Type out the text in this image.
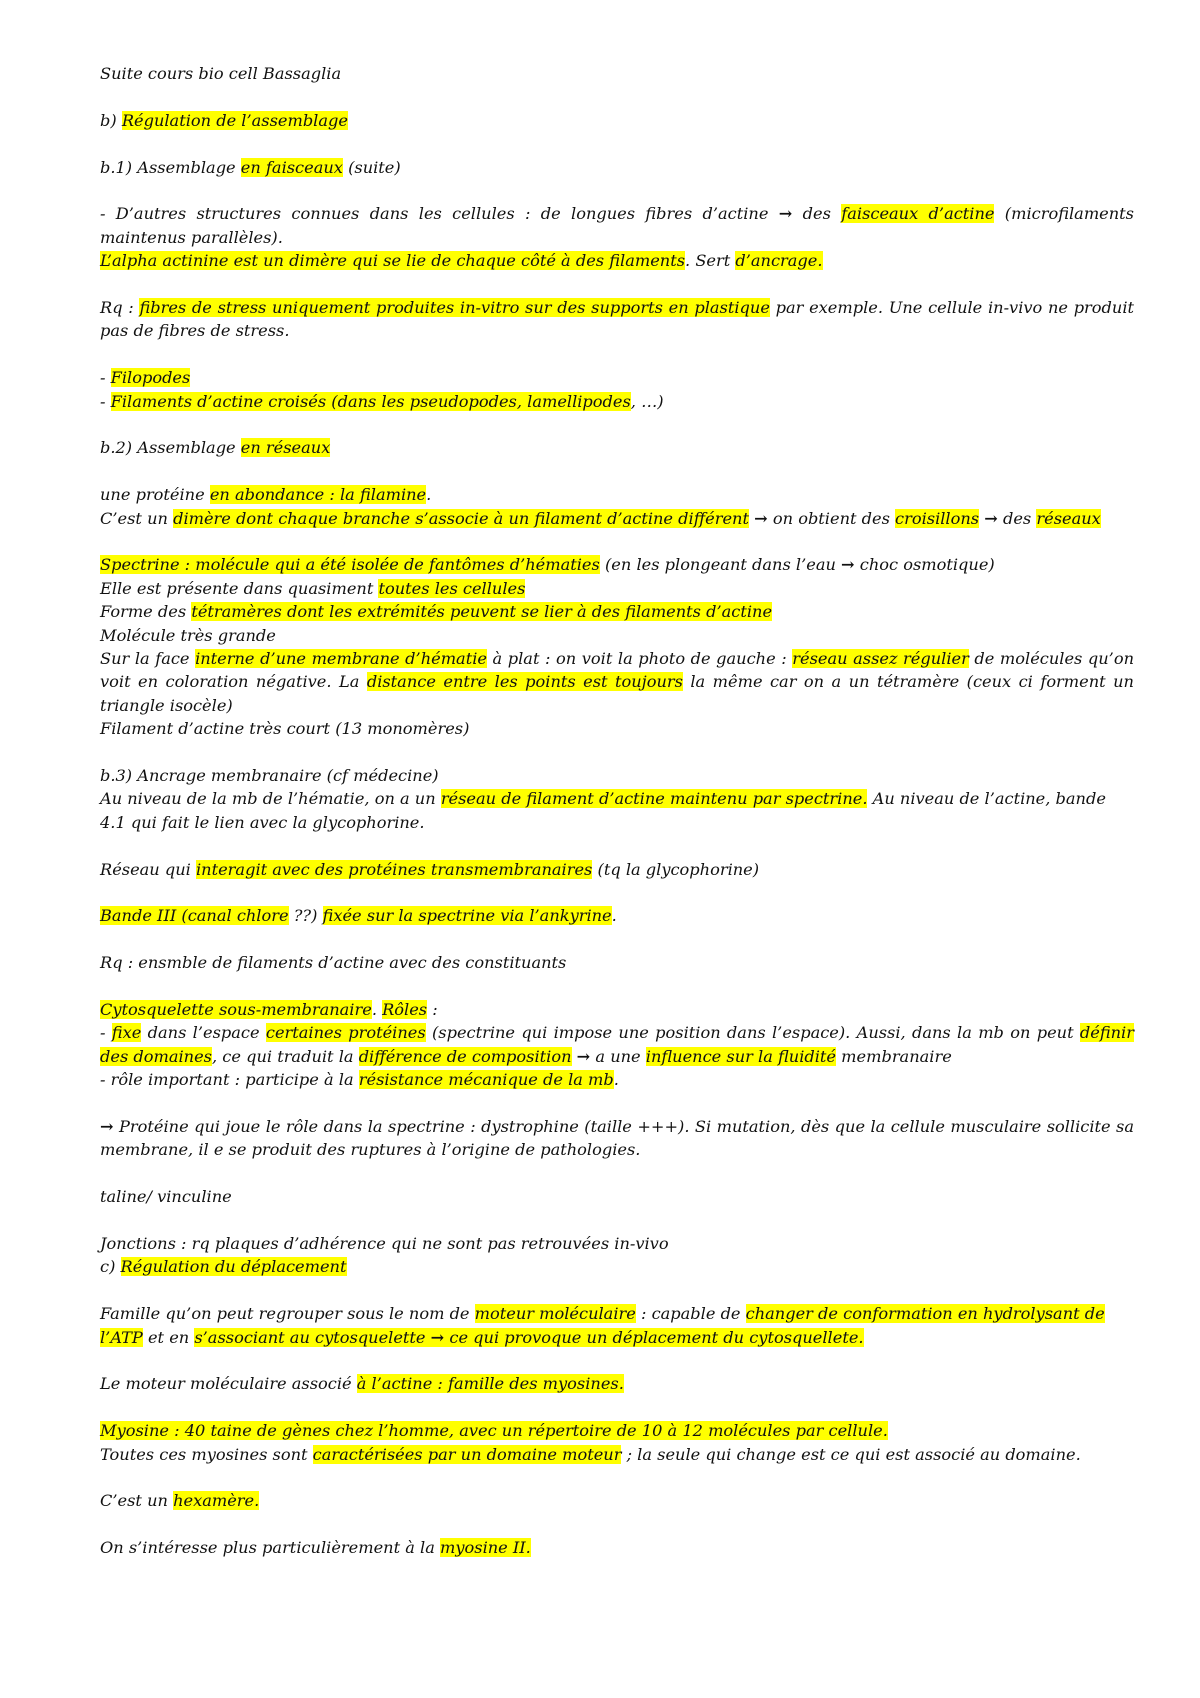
Suite cours bio cell Bassaglia

b) Régulation de l’assemblage

b.1) Assemblage en faisceaux (suite)

- D’autres structures connues dans les cellules : de longues fibres d’actine → des faisceaux d’actine (microfilaments maintenus parallèles).

L’alpha actinine est un dimère qui se lie de chaque côté à des filaments. Sert d’ancrage.

Rq : fibres de stress uniquement produites in-vitro sur des supports en plastique par exemple. Une cellule in-vivo ne produit pas de fibres de stress.

- Filopodes

- Filaments d’actine croisés (dans les pseudopodes, lamellipodes, …)

b.2) Assemblage en réseaux

une protéine en abondance : la filamine.

C’est un dimère dont chaque branche s’associe à un filament d’actine différent → on obtient des croisillons → des réseaux

Spectrine : molécule qui a été isolée de fantômes d’hématies (en les plongeant dans l’eau → choc osmotique)

Elle est présente dans quasiment toutes les cellules

Forme des tétramères dont les extrémités peuvent se lier à des filaments d’actine

Molécule très grande

Sur la face interne d’une membrane d’hématie à plat : on voit la photo de gauche : réseau assez régulier de molécules qu’on voit en coloration négative. La distance entre les points est toujours la même car on a un tétramère (ceux ci forment un triangle isocèle)

Filament d’actine très court (13 monomères)

b.3) Ancrage membranaire (cf médecine)

Au niveau de la mb de l’hématie, on a un réseau de filament d’actine maintenu par spectrine. Au niveau de l’actine, bande 4.1 qui fait le lien avec la glycophorine.

Réseau qui interagit avec des protéines transmembranaires (tq la glycophorine)

Bande III (canal chlore ??) fixée sur la spectrine via l’ankyrine.

Rq : ensmble de filaments d’actine avec des constituants

Cytosquelette sous-membranaire. Rôles :

- fixe dans l’espace certaines protéines (spectrine qui impose une position dans l’espace). Aussi, dans la mb on peut définir des domaines, ce qui traduit la différence de composition → a une influence sur la fluidité membranaire

- rôle important : participe à la résistance mécanique de la mb.

→ Protéine qui joue le rôle dans la spectrine : dystrophine (taille +++). Si mutation, dès que la cellule musculaire sollicite sa membrane, il e se produit des ruptures à l’origine de pathologies.

taline/ vinculine

Jonctions : rq plaques d’adhérence qui ne sont pas retrouvées in-vivo

c) Régulation du déplacement

Famille qu’on peut regrouper sous le nom de moteur moléculaire : capable de changer de conformation en hydrolysant de l’ATP et en s’associant au cytosquelette → ce qui provoque un déplacement du cytosquellete.

Le moteur moléculaire associé à l’actine : famille des myosines.

Myosine : 40 taine de gènes chez l’homme, avec un répertoire de 10 à 12 molécules par cellule.

Toutes ces myosines sont caractérisées par un domaine moteur ; la seule qui change est ce qui est associé au domaine.

C’est un hexamère.

On s’intéresse plus particulièrement à la myosine II.
